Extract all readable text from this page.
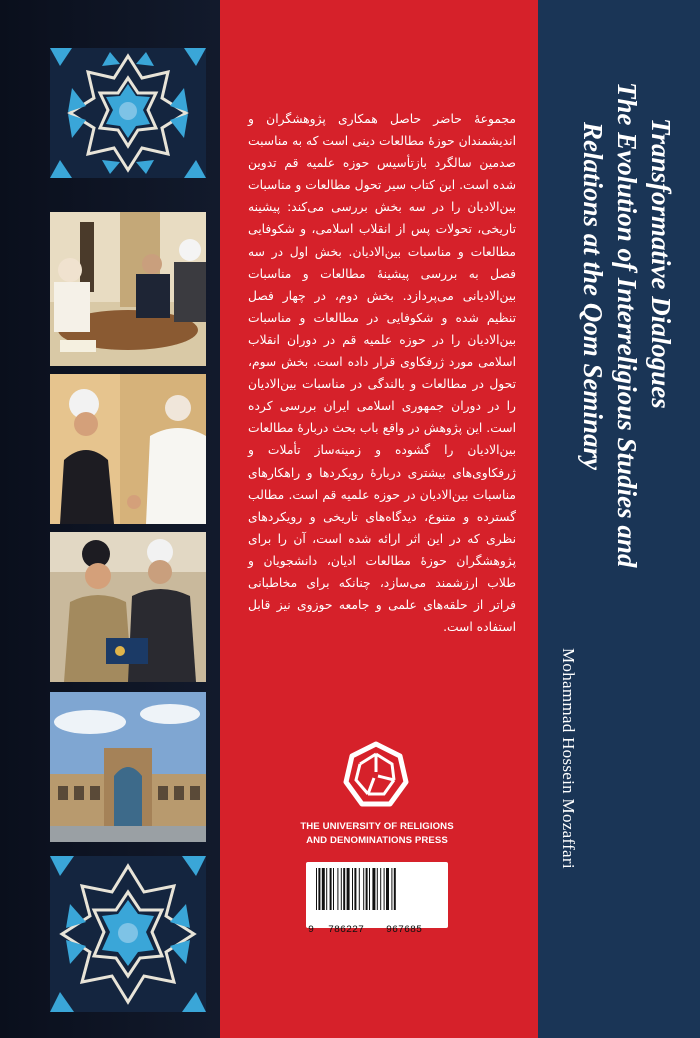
مجموعهٔ حاضر حاصل همکاری پژوهشگران و اندیشمندان حوزهٔ مطالعات دینی است که به مناسبت صدمین سالگرد بازتأسیس حوزه علمیه قم تدوین شده است. این کتاب سیر تحول مطالعات و مناسبات بین‌الادیان را در سه بخش بررسی می‌کند: پیشینه تاریخی، تحولات پس از انقلاب اسلامی، و شکوفایی مطالعات و مناسبات بین‌الادیان. بخش اول در سه فصل به بررسی پیشینهٔ مطالعات و مناسبات بین‌الادیانی می‌پردازد. بخش دوم، در چهار فصل تنظیم شده و شکوفایی در مطالعات و مناسبات بین‌الادیان را در حوزه علمیه قم در دوران انقلاب اسلامی مورد ژرفکاوی قرار داده است. بخش سوم، تحول در مطالعات و بالندگی در مناسبات بین‌الادیان را در دوران جمهوری اسلامی ایران بررسی کرده است. این پژوهش در واقع باب بحث دربارهٔ مطالعات بین‌الادیان را گشوده و زمینه‌ساز تأملات و ژرفکاوی‌های بیشتری دربارهٔ رویکردها و راهکارهای مناسبات بین‌الادیان در حوزه علمیه قم است. مطالب گسترده و متنوع، دیدگاه‌های تاریخی و رویکردهای نظری که در این اثر ارائه شده است، آن را برای پژوهشگران حوزهٔ مطالعات ادیان، دانشجویان و طلاب ارزشمند می‌سازد، چنانکه برای مخاطبانی فراتر از حلقه‌های علمی و جامعه حوزوی نیز قابل استفاده است.
THE UNIVERSITY OF RELIGIONS
AND DENOMINATIONS PRESS
9 786227 967685
Transformative Dialogues
The Evolution of Interreligious Studies and
Relations at the Qom Seminary
Mohammad Hossein Mozaffari
